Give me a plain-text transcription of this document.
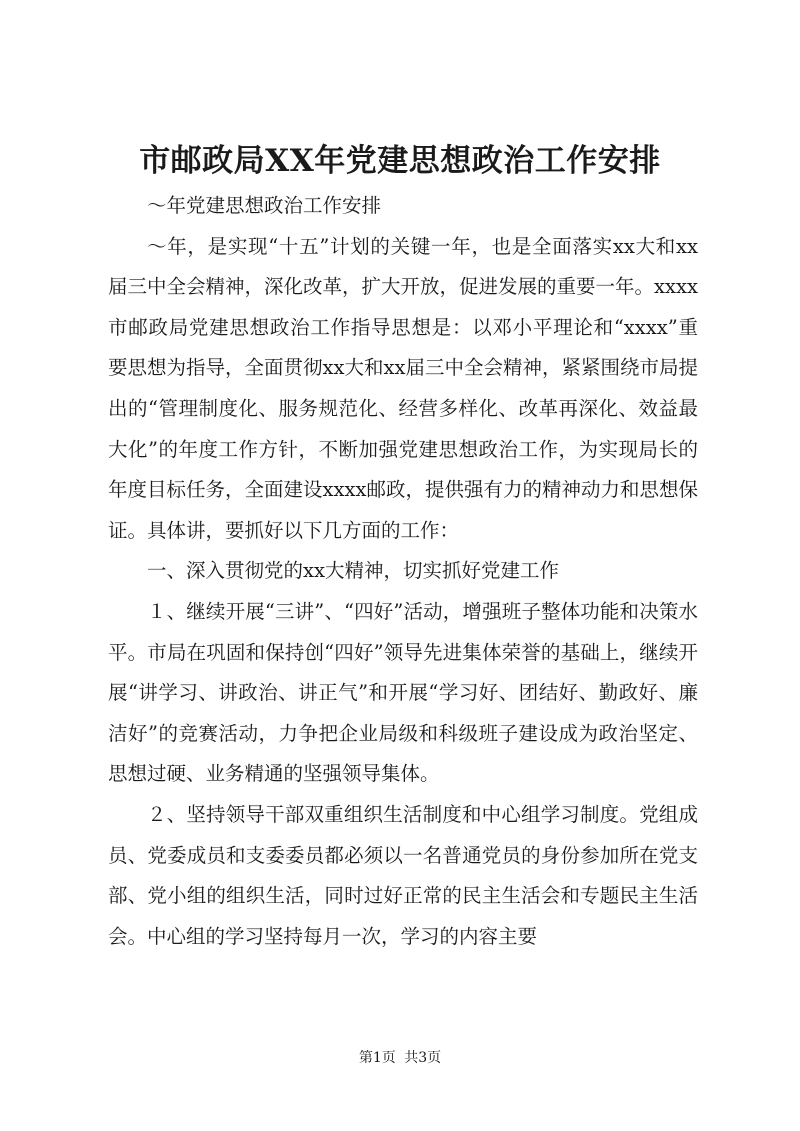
市邮政局XX年党建思想政治工作安排

～年党建思想政治工作安排

～年，是实现“十五”计划的关键一年，也是全面落实xx大和xx届三中全会精神，深化改革，扩大开放，促进发展的重要一年。xxxx市邮政局党建思想政治工作指导思想是：以邓小平理论和“xxxx”重要思想为指导，全面贯彻xx大和xx届三中全会精神，紧紧围绕市局提出的“管理制度化、服务规范化、经营多样化、改革再深化、效益最大化”的年度工作方针，不断加强党建思想政治工作，为实现局长的年度目标任务，全面建设xxxx邮政，提供强有力的精神动力和思想保证。具体讲，要抓好以下几方面的工作：

一、深入贯彻党的xx大精神，切实抓好党建工作

１、继续开展“三讲”、“四好”活动，增强班子整体功能和决策水平。市局在巩固和保持创“四好”领导先进集体荣誉的基础上，继续开展“讲学习、讲政治、讲正气”和开展“学习好、团结好、勤政好、廉洁好”的竞赛活动，力争把企业局级和科级班子建设成为政治坚定、思想过硬、业务精通的坚强领导集体。

２、坚持领导干部双重组织生活制度和中心组学习制度。党组成员、党委成员和支委委员都必须以一名普通党员的身份参加所在党支部、党小组的组织生活，同时过好正常的民主生活会和专题民主生活会。中心组的学习坚持每月一次，学习的内容主要

第1页 共3页
